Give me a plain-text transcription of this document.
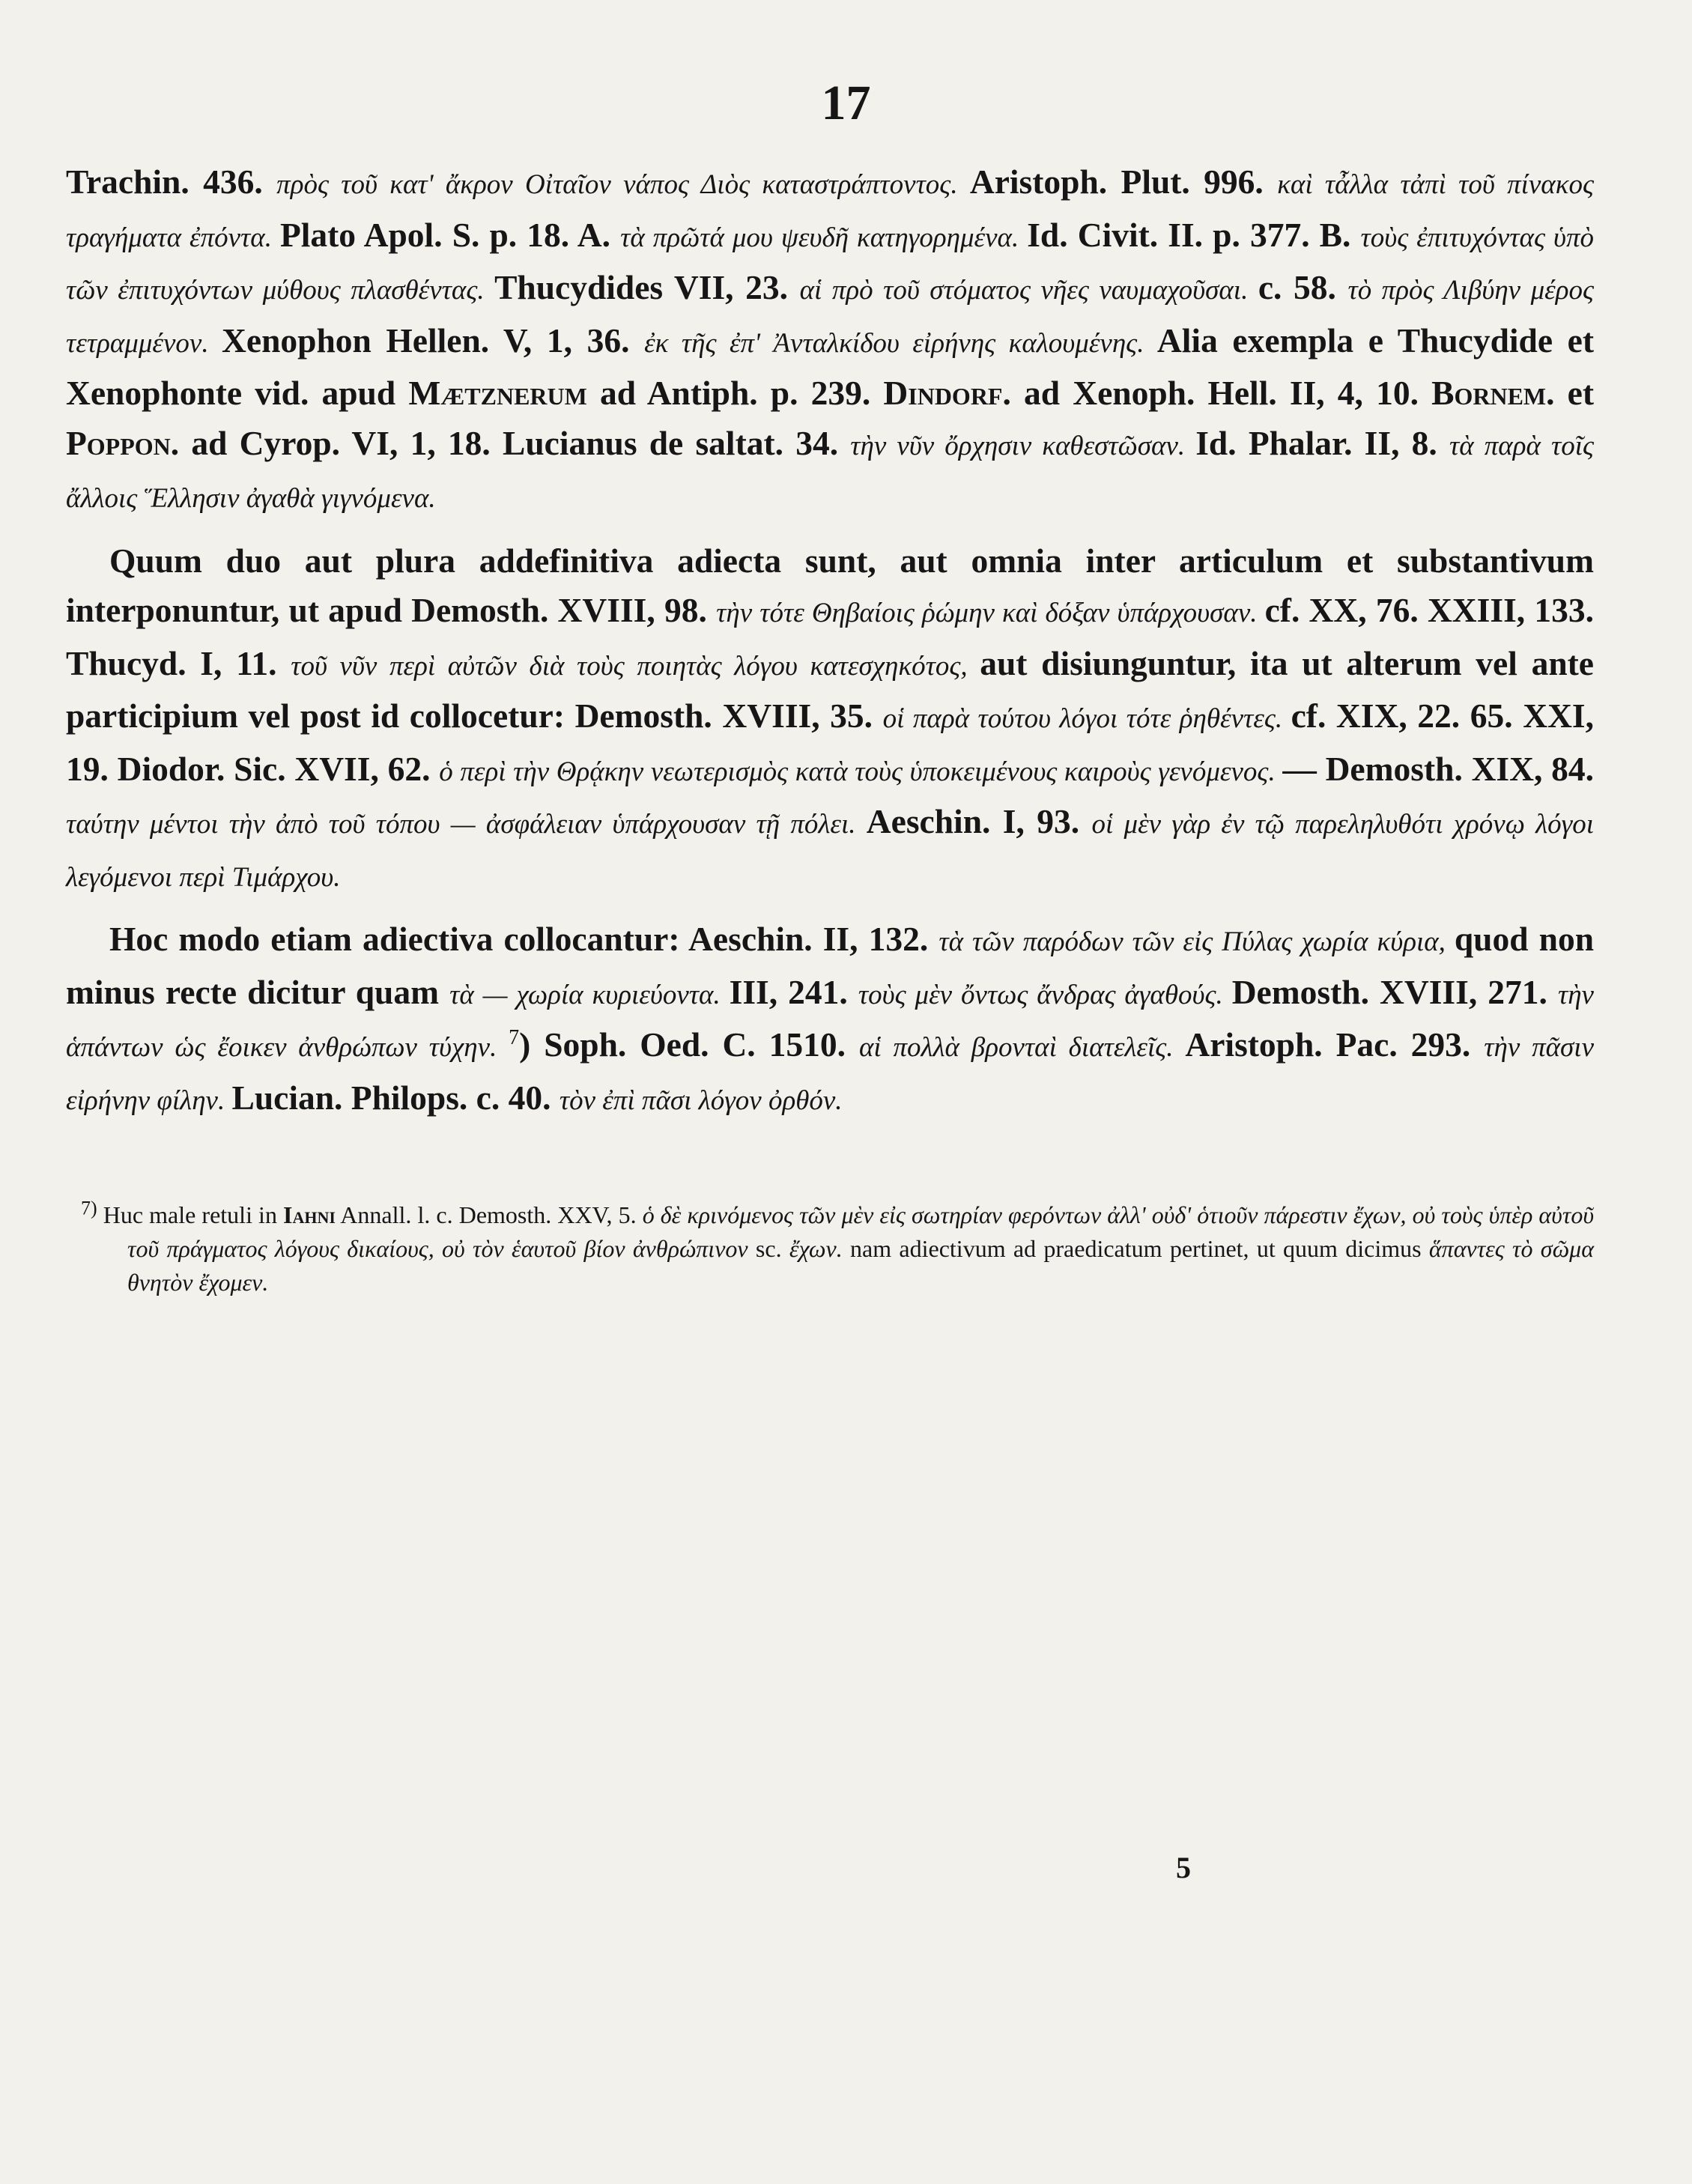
17

Trachin. 436. πρὸς τοῦ κατ' ἄκρον Οἰταῖον νάπος Διὸς καταστράπτοντος. Aristoph. Plut. 996. καὶ τἆλλα τἀπὶ τοῦ πίνακος τραγήματα ἐπόντα. Plato Apol. S. p. 18. A. τὰ πρῶτά μου ψευδῆ κατηγορημένα. Id. Civit. II. p. 377. B. τοὺς ἐπιτυχόντας ὑπὸ τῶν ἐπιτυχόντων μύθους πλασθέντας. Thucydides VII, 23. αἱ πρὸ τοῦ στόματος νῆες ναυμαχοῦσαι. c. 58. τὸ πρὸς Λιβύην μέρος τετραμμένον. Xenophon Hellen. V, 1, 36. ἐκ τῆς ἐπ' Ἀνταλκίδου εἰρήνης καλουμένης. Alia exempla e Thucydide et Xenophonte vid. apud Mætznerum ad Antiph. p. 239. Dindorf. ad Xenoph. Hell. II, 4, 10. Bornem. et Poppon. ad Cyrop. VI, 1, 18. Lucianus de saltat. 34. τὴν νῦν ὄρχησιν καθεστῶσαν. Id. Phalar. II, 8. τὰ παρὰ τοῖς ἄλλοις Ἕλλησιν ἀγαθὰ γιγνόμενα.

Quum duo aut plura addefinitiva adiecta sunt, aut omnia inter articulum et substantivum interponuntur, ut apud Demosth. XVIII, 98. τὴν τότε Θηβαίοις ῥώμην καὶ δόξαν ὑπάρχουσαν. cf. XX, 76. XXIII, 133. Thucyd. I, 11. τοῦ νῦν περὶ αὐτῶν διὰ τοὺς ποιητὰς λόγου κατεσχηκότος, aut disiunguntur, ita ut alterum vel ante participium vel post id collocetur: Demosth. XVIII, 35. οἱ παρὰ τούτου λόγοι τότε ῥηθέντες. cf. XIX, 22. 65. XXI, 19. Diodor. Sic. XVII, 62. ὁ περὶ τὴν Θρᾴκην νεωτερισμὸς κατὰ τοὺς ὑποκειμένους καιροὺς γενόμενος. — Demosth. XIX, 84. ταύτην μέντοι τὴν ἀπὸ τοῦ τόπου — ἀσφάλειαν ὑπάρχουσαν τῇ πόλει. Aeschin. I, 93. οἱ μὲν γὰρ ἐν τῷ παρεληλυθότι χρόνῳ λόγοι λεγόμενοι περὶ Τιμάρχου.

Hoc modo etiam adiectiva collocantur: Aeschin. II, 132. τὰ τῶν παρόδων τῶν εἰς Πύλας χωρία κύρια, quod non minus recte dicitur quam τὰ — χωρία κυριεύοντα. III, 241. τοὺς μὲν ὄντως ἄνδρας ἀγαθούς. Demosth. XVIII, 271. τὴν ἁπάντων ὡς ἔοικεν ἀνθρώπων τύχην. $^7$) Soph. Oed. C. 1510. αἱ πολλὰ βρονταὶ διατελεῖς. Aristoph. Pac. 293. τὴν πᾶσιν εἰρήνην φίλην. Lucian. Philops. c. 40. τὸν ἐπὶ πᾶσι λόγον ὀρθόν.

$^{7)}$ Huc male retuli in Iahni Annall. l. c. Demosth. XXV, 5. ὁ δὲ κρινόμενος τῶν μὲν εἰς σωτηρίαν φερόντων ἀλλ' οὐδ' ὁτιοῦν πάρεστιν ἔχων, οὐ τοὺς ὑπὲρ αὐτοῦ τοῦ πράγματος λόγους δικαίους, οὐ τὸν ἑαυτοῦ βίον ἀνθρώπινον sc. ἔχων. nam adiectivum ad praedicatum pertinet, ut quum dicimus ἅπαντες τὸ σῶμα θνητὸν ἔχομεν.

5
